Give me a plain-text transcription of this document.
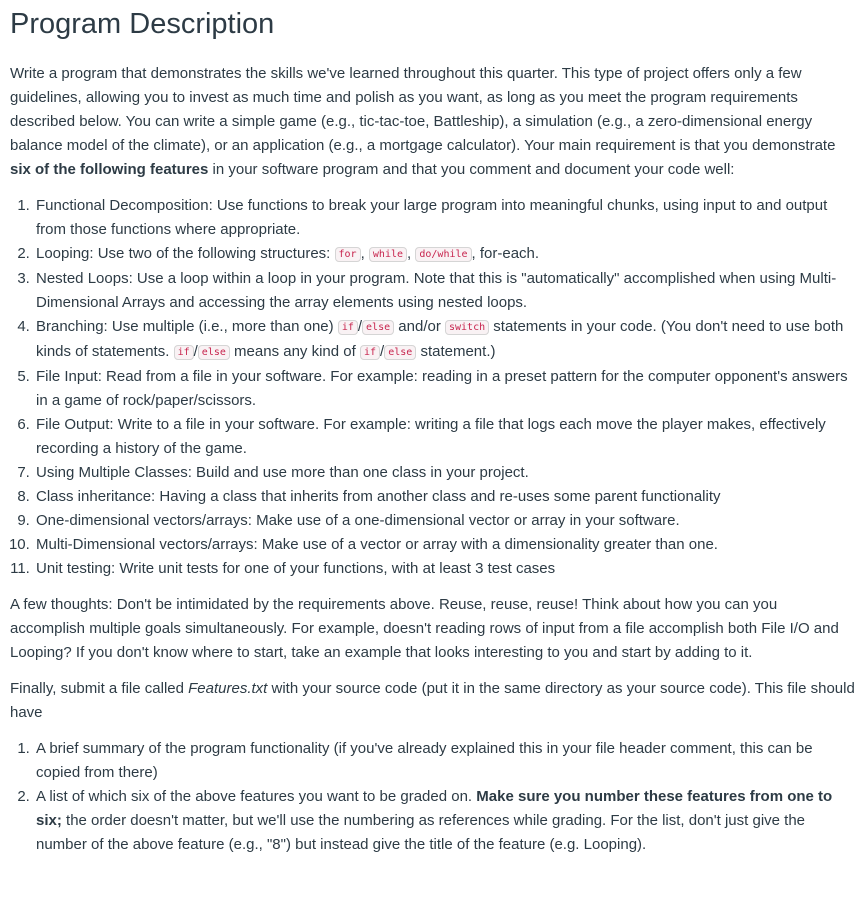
Program Description

Write a program that demonstrates the skills we've learned throughout this quarter. This type of project offers only a few guidelines, allowing you to invest as much time and polish as you want, as long as you meet the program requirements described below. You can write a simple game (e.g., tic-tac-toe, Battleship), a simulation (e.g., a zero-dimensional energy balance model of the climate), or an application (e.g., a mortgage calculator). Your main requirement is that you demonstrate six of the following features in your software program and that you comment and document your code well:

1. Functional Decomposition: Use functions to break your large program into meaningful chunks, using input to and output from those functions where appropriate.
2. Looping: Use two of the following structures: for , while , do/while , for-each.
3. Nested Loops: Use a loop within a loop in your program. Note that this is "automatically" accomplished when using Multi-Dimensional Arrays and accessing the array elements using nested loops.
4. Branching: Use multiple (i.e., more than one) if / else and/or switch statements in your code. (You don't need to use both kinds of statements. if / else means any kind of if / else statement.)
5. File Input: Read from a file in your software. For example: reading in a preset pattern for the computer opponent's answers in a game of rock/paper/scissors.
6. File Output: Write to a file in your software. For example: writing a file that logs each move the player makes, effectively recording a history of the game.
7. Using Multiple Classes: Build and use more than one class in your project.
8. Class inheritance: Having a class that inherits from another class and re-uses some parent functionality
9. One-dimensional vectors/arrays: Make use of a one-dimensional vector or array in your software.
10. Multi-Dimensional vectors/arrays: Make use of a vector or array with a dimensionality greater than one.
11. Unit testing: Write unit tests for one of your functions, with at least 3 test cases

A few thoughts: Don't be intimidated by the requirements above. Reuse, reuse, reuse! Think about how you can you accomplish multiple goals simultaneously. For example, doesn't reading rows of input from a file accomplish both File I/O and Looping? If you don't know where to start, take an example that looks interesting to you and start by adding to it.

Finally, submit a file called Features.txt with your source code (put it in the same directory as your source code). This file should have

1. A brief summary of the program functionality (if you've already explained this in your file header comment, this can be copied from there)
2. A list of which six of the above features you want to be graded on. Make sure you number these features from one to six; the order doesn't matter, but we'll use the numbering as references while grading. For the list, don't just give the number of the above feature (e.g., "8") but instead give the title of the feature (e.g. Looping).
